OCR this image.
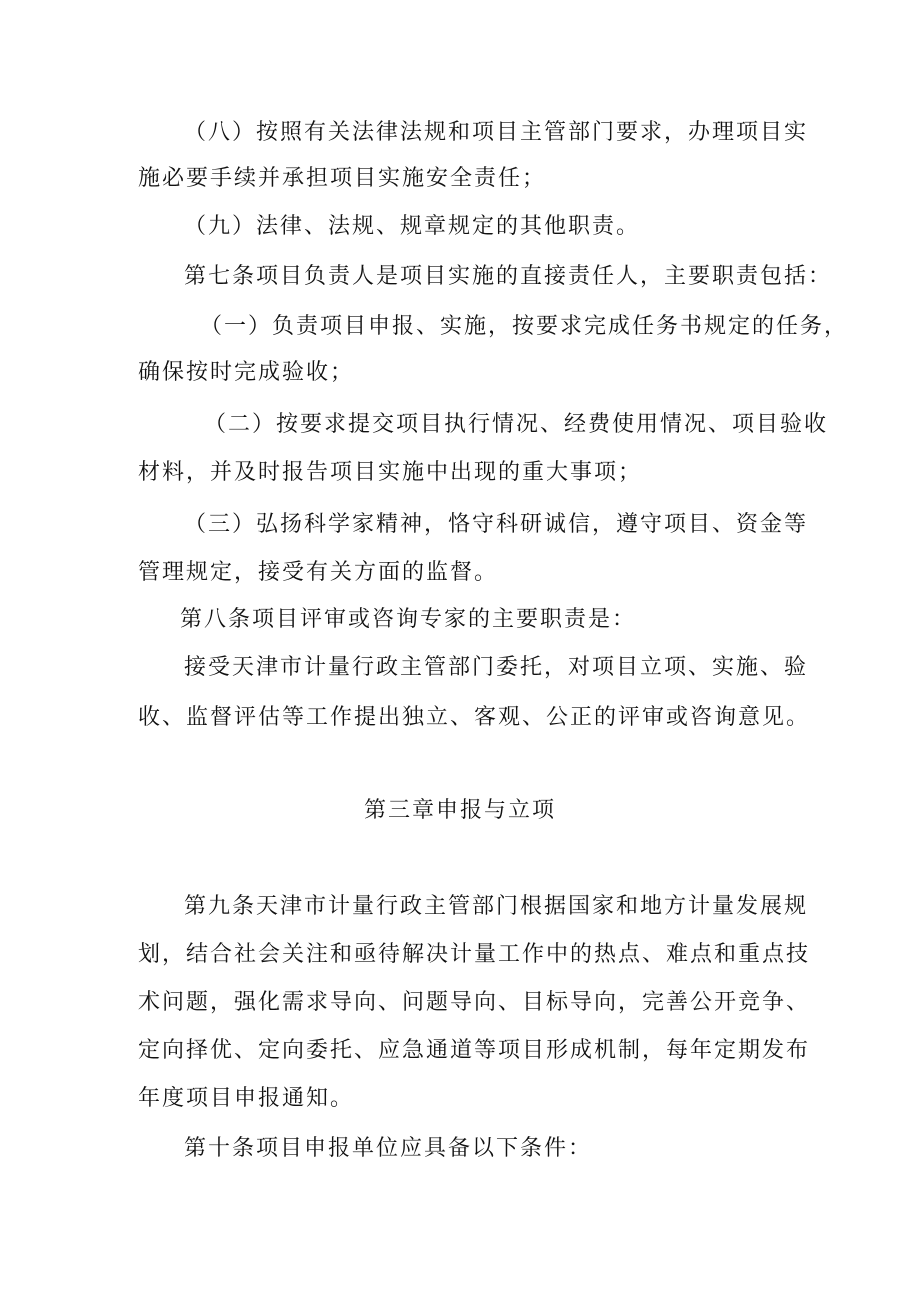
（八）按照有关法律法规和项目主管部门要求，办理项目实
施必要手续并承担项目实施安全责任；
（九）法律、法规、规章规定的其他职责。
第七条项目负责人是项目实施的直接责任人，主要职责包括：
（一）负责项目申报、实施，按要求完成任务书规定的任务，
确保按时完成验收；
（二）按要求提交项目执行情况、经费使用情况、项目验收
材料，并及时报告项目实施中出现的重大事项；
（三）弘扬科学家精神，恪守科研诚信，遵守项目、资金等
管理规定，接受有关方面的监督。
第八条项目评审或咨询专家的主要职责是：
接受天津市计量行政主管部门委托，对项目立项、实施、验
收、监督评估等工作提出独立、客观、公正的评审或咨询意见。
第三章申报与立项
第九条天津市计量行政主管部门根据国家和地方计量发展规
划，结合社会关注和亟待解决计量工作中的热点、难点和重点技
术问题，强化需求导向、问题导向、目标导向，完善公开竞争、
定向择优、定向委托、应急通道等项目形成机制，每年定期发布
年度项目申报通知。
第十条项目申报单位应具备以下条件：
